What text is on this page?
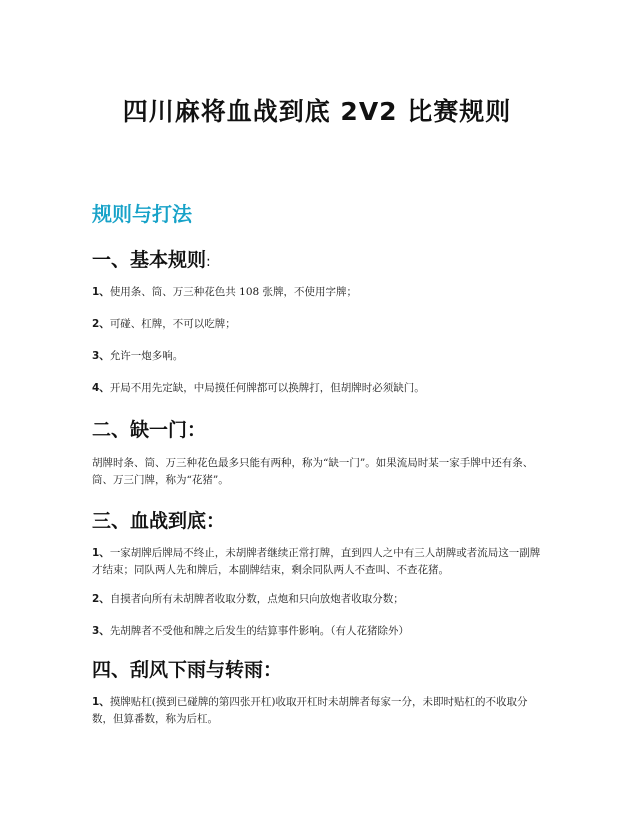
四川麻将血战到底 2V2 比赛规则
规则与打法
一、基本规则:
1、使用条、筒、万三种花色共 108 张牌，不使用字牌；
2、可碰、杠牌，不可以吃牌；
3、允许一炮多响。
4、开局不用先定缺，中局摸任何牌都可以换牌打，但胡牌时必须缺门。
二、缺一门：
胡牌时条、筒、万三种花色最多只能有两种，称为“缺一门”。如果流局时某一家手牌中还有条、筒、万三门牌，称为“花猪”。
三、血战到底：
1、一家胡牌后牌局不终止，未胡牌者继续正常打牌，直到四人之中有三人胡牌或者流局这一副牌才结束；同队两人先和牌后，本副牌结束，剩余同队两人不查叫、不查花猪。
2、自摸者向所有未胡牌者收取分数，点炮和只向放炮者收取分数；
3、先胡牌者不受他和牌之后发生的结算事件影响。（有人花猪除外）
四、刮风下雨与转雨：
1、摸牌贴杠(摸到已碰牌的第四张开杠)收取开杠时未胡牌者每家一分，未即时贴杠的不收取分数，但算番数，称为后杠。
